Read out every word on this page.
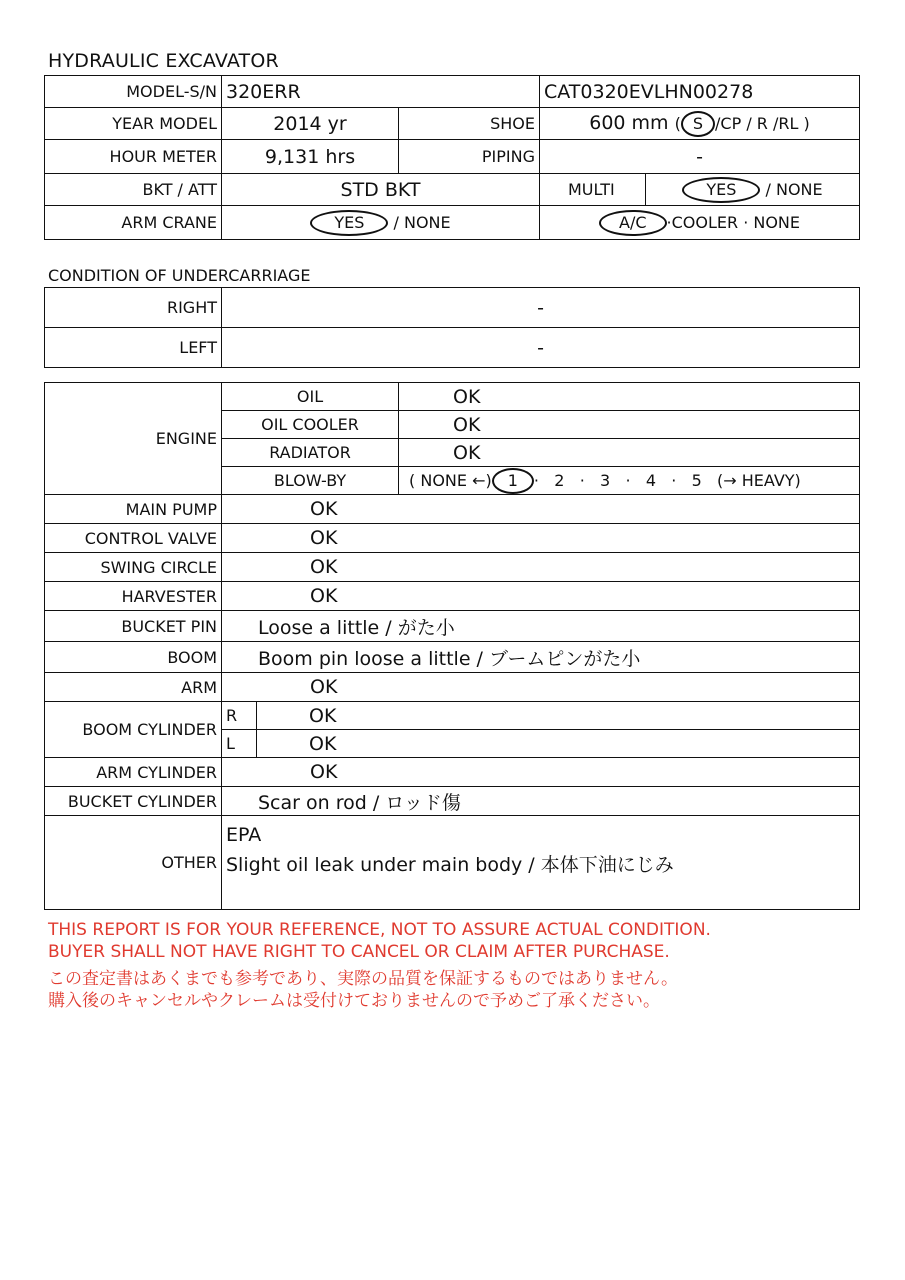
HYDRAULIC EXCAVATOR
MODEL-S/N	320ERR		CAT0320EVLHN00278	
YEAR MODEL	2014 yr	SHOE	600 mm ( S /CP / R /RL )	
HOUR METER	9,131 hrs	PIPING	-	
BKT / ATT	STD BKT		MULTI	YES / NONE
ARM CRANE	YES / NONE		A/C ·COOLER · NONE	
CONDITION OF UNDERCARRIAGE
RIGHT	-
LEFT	-
ENGINE	OIL		OK
	OIL COOLER		OK
	RADIATOR		OK
	BLOW-BY		( NONE ←) 1 ·   2   ·   3   ·   4   ·   5   (→ HEAVY)
MAIN PUMP	OK		
CONTROL VALVE	OK		
SWING CIRCLE	OK		
HARVESTER	OK		
BUCKET PIN	Loose a little / がた小		
BOOM	Boom pin loose a little / ブームピンがた小		
ARM	OK		
BOOM CYLINDER	R	OK	
	L	OK	
ARM CYLINDER	OK		
BUCKET CYLINDER	Scar on rod / ロッド傷		
OTHER	EPA
Slight oil leak under main body / 本体下油にじみ		
THIS REPORT IS FOR YOUR REFERENCE, NOT TO ASSURE ACTUAL CONDITION.
BUYER SHALL NOT HAVE RIGHT TO CANCEL OR CLAIM AFTER PURCHASE.
この査定書はあくまでも参考であり、実際の品質を保証するものではありません。
購入後のキャンセルやクレームは受付けておりませんので予めご了承ください。
